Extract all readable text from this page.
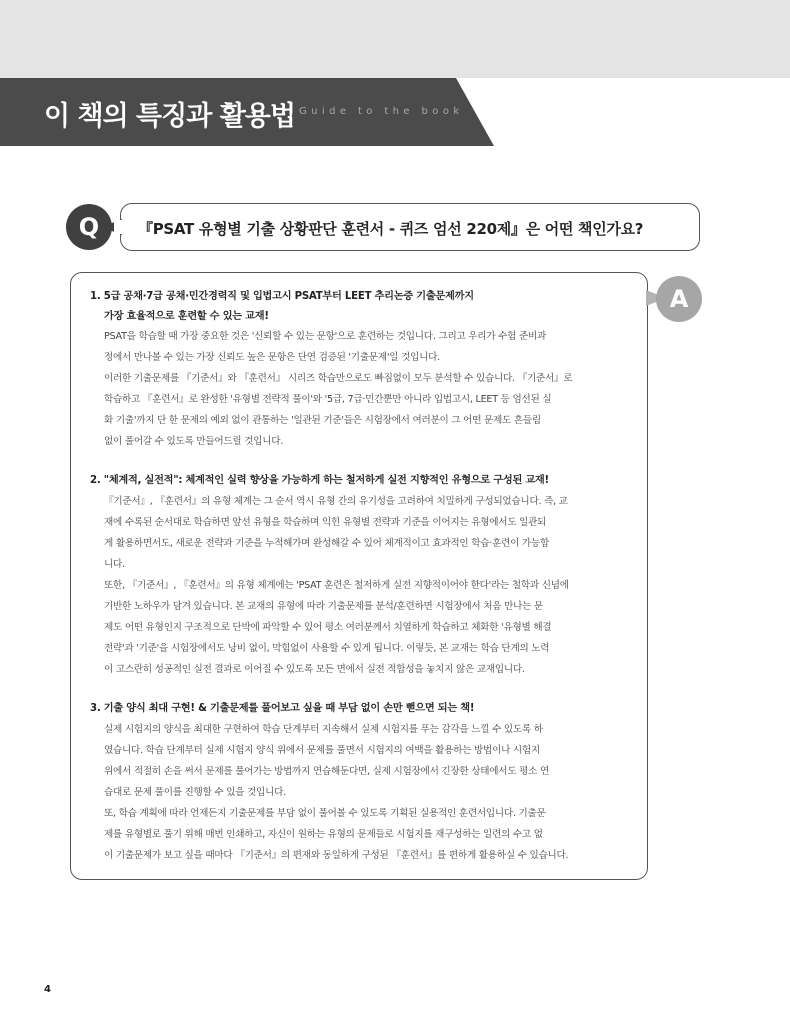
이 책의 특징과 활용법 Guide to the book
Q	『PSAT 유형별 기출 상황판단 훈련서 - 퀴즈 엄선 220제』은 어떤 책인가요?
A
1. 5급 공채·7급 공채·민간경력직 및 입법고시 PSAT부터 LEET 추리논증 기출문제까지
가장 효율적으로 훈련할 수 있는 교재!
PSAT을 학습할 때 가장 중요한 것은 '신뢰할 수 있는 문항'으로 훈련하는 것입니다. 그리고 우리가 수험 준비과
정에서 만나볼 수 있는 가장 신뢰도 높은 문항은 단연 검증된 '기출문제'일 것입니다.
이러한 기출문제를 『기준서』와 『훈련서』 시리즈 학습만으로도 빠짐없이 모두 분석할 수 있습니다. 『기준서』로
학습하고 『훈련서』로 완성한 '유형별 전략적 풀이'와 '5급, 7급·민간뿐만 아니라 입법고시, LEET 등 엄선된 실
화 기출'까지 단 한 문제의 예외 없이 관통하는 '일관된 기준'들은 시험장에서 여러분이 그 어떤 문제도 흔들림
없이 풀어갈 수 있도록 만들어드릴 것입니다.
2. "체계적, 실전적": 체계적인 실력 향상을 가능하게 하는 철저하게 실전 지향적인 유형으로 구성된 교재!
『기준서』, 『훈련서』의 유형 체계는 그 순서 역시 유형 간의 유기성을 고려하여 치밀하게 구성되었습니다. 즉, 교
재에 수록된 순서대로 학습하면 앞선 유형을 학습하며 익힌 유형별 전략과 기준을 이어지는 유형에서도 일관되
게 활용하면서도, 새로운 전략과 기준을 누적해가며 완성해갈 수 있어 체계적이고 효과적인 학습·훈련이 가능합
니다.
또한, 『기준서』, 『훈련서』의 유형 체계에는 'PSAT 훈련은 철저하게 실전 지향적이어야 한다'라는 철학과 신념에
기반한 노하우가 담겨 있습니다. 본 교재의 유형에 따라 기출문제를 분석/훈련하면 시험장에서 처음 만나는 문
제도 어떤 유형인지 구조적으로 단박에 파악할 수 있어 평소 여러분께서 치열하게 학습하고 체화한 '유형별 해결
전략'과 '기준'을 시험장에서도 낭비 없이, 막힘없이 사용할 수 있게 됩니다. 이렇듯, 본 교재는 학습 단계의 노력
이 고스란히 성공적인 실전 결과로 이어질 수 있도록 모든 면에서 실전 적합성을 놓치지 않은 교재입니다.
3. 기출 양식 최대 구현! & 기출문제를 풀어보고 싶을 때 부담 없이 손만 뻗으면 되는 책!
실제 시험지의 양식을 최대한 구현하여 학습 단계부터 지속해서 실제 시험지를 푸는 감각을 느낄 수 있도록 하
였습니다. 학습 단계부터 실제 시험지 양식 위에서 문제를 풀면서 시험지의 여백을 활용하는 방법이나 시험지
위에서 적절히 손을 써서 문제를 풀어가는 방법까지 연습해둔다면, 실제 시험장에서 긴장한 상태에서도 평소 연
습대로 문제 풀이를 진행할 수 있을 것입니다.
또, 학습 계획에 따라 언제든지 기출문제를 부담 없이 풀어볼 수 있도록 기획된 실용적인 훈련서입니다. 기출문
제를 유형별로 풀기 위해 매번 인쇄하고, 자신이 원하는 유형의 문제들로 시험지를 재구성하는 일련의 수고 없
이 기출문제가 보고 싶을 때마다 『기준서』의 편재와 동일하게 구성된 『훈련서』를 편하게 활용하실 수 있습니다.
4
